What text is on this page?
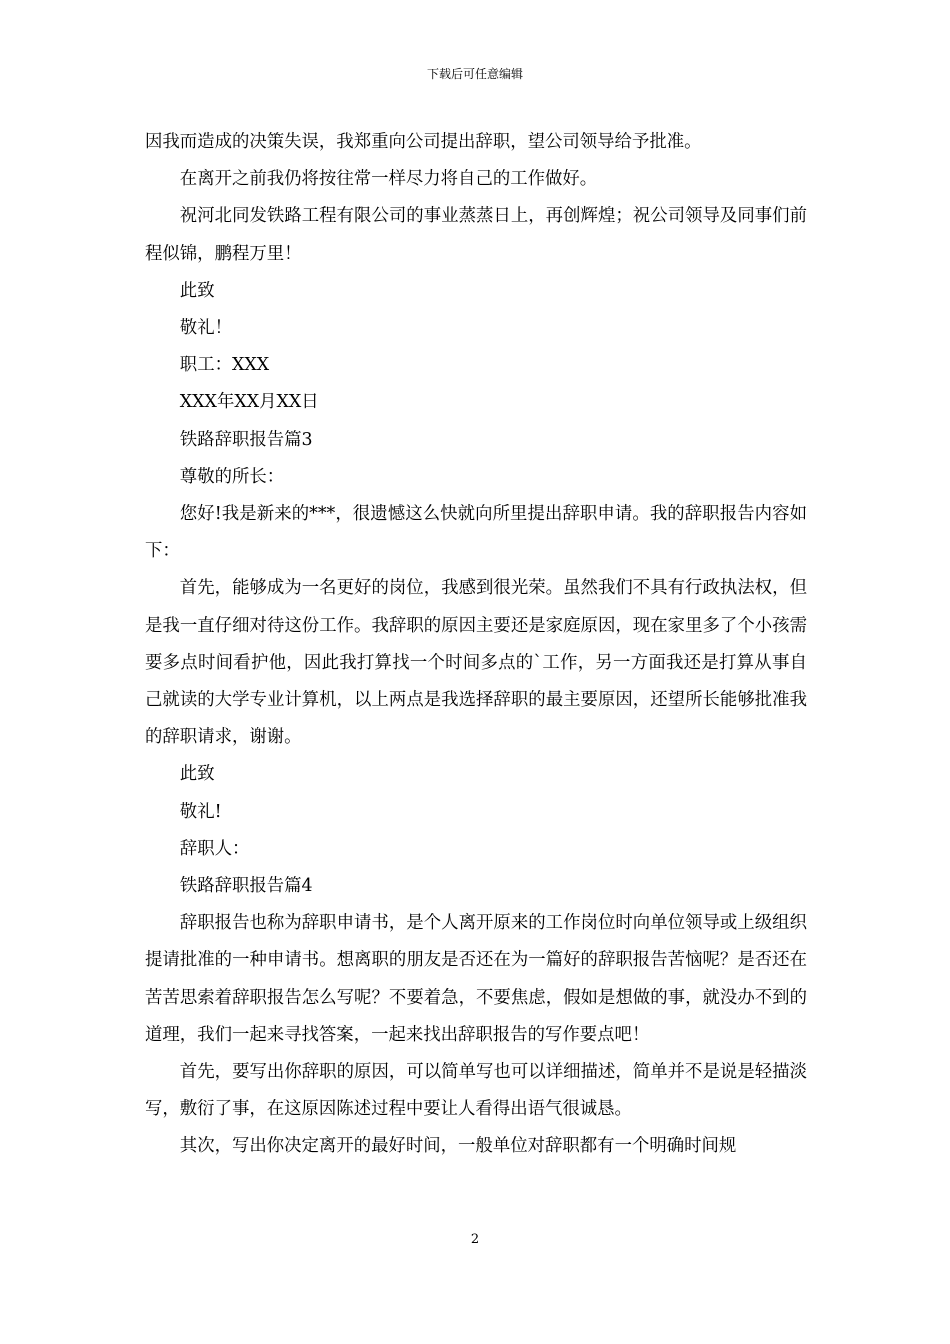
下载后可任意编辑

因我而造成的决策失误，我郑重向公司提出辞职，望公司领导给予批准。

在离开之前我仍将按往常一样尽力将自己的工作做好。

祝河北同发铁路工程有限公司的事业蒸蒸日上，再创辉煌；祝公司领导及同事们前程似锦，鹏程万里！

此致

敬礼！

职工：XXX

XXX年XX月XX日

铁路辞职报告篇3

尊敬的所长：

您好!我是新来的***，很遗憾这么快就向所里提出辞职申请。我的辞职报告内容如下：

首先，能够成为一名更好的岗位，我感到很光荣。虽然我们不具有行政执法权，但是我一直仔细对待这份工作。我辞职的原因主要还是家庭原因，现在家里多了个小孩需要多点时间看护他，因此我打算找一个时间多点的`工作，另一方面我还是打算从事自己就读的大学专业计算机，以上两点是我选择辞职的最主要原因，还望所长能够批准我的辞职请求，谢谢。

此致

敬礼!

辞职人：

铁路辞职报告篇4

辞职报告也称为辞职申请书，是个人离开原来的工作岗位时向单位领导或上级组织提请批准的一种申请书。想离职的朋友是否还在为一篇好的辞职报告苦恼呢？是否还在苦苦思索着辞职报告怎么写呢？不要着急，不要焦虑，假如是想做的事，就没办不到的道理，我们一起来寻找答案，一起来找出辞职报告的写作要点吧！

首先，要写出你辞职的原因，可以简单写也可以详细描述，简单并不是说是轻描淡写，敷衍了事，在这原因陈述过程中要让人看得出语气很诚恳。

其次，写出你决定离开的最好时间，一般单位对辞职都有一个明确时间规

2
